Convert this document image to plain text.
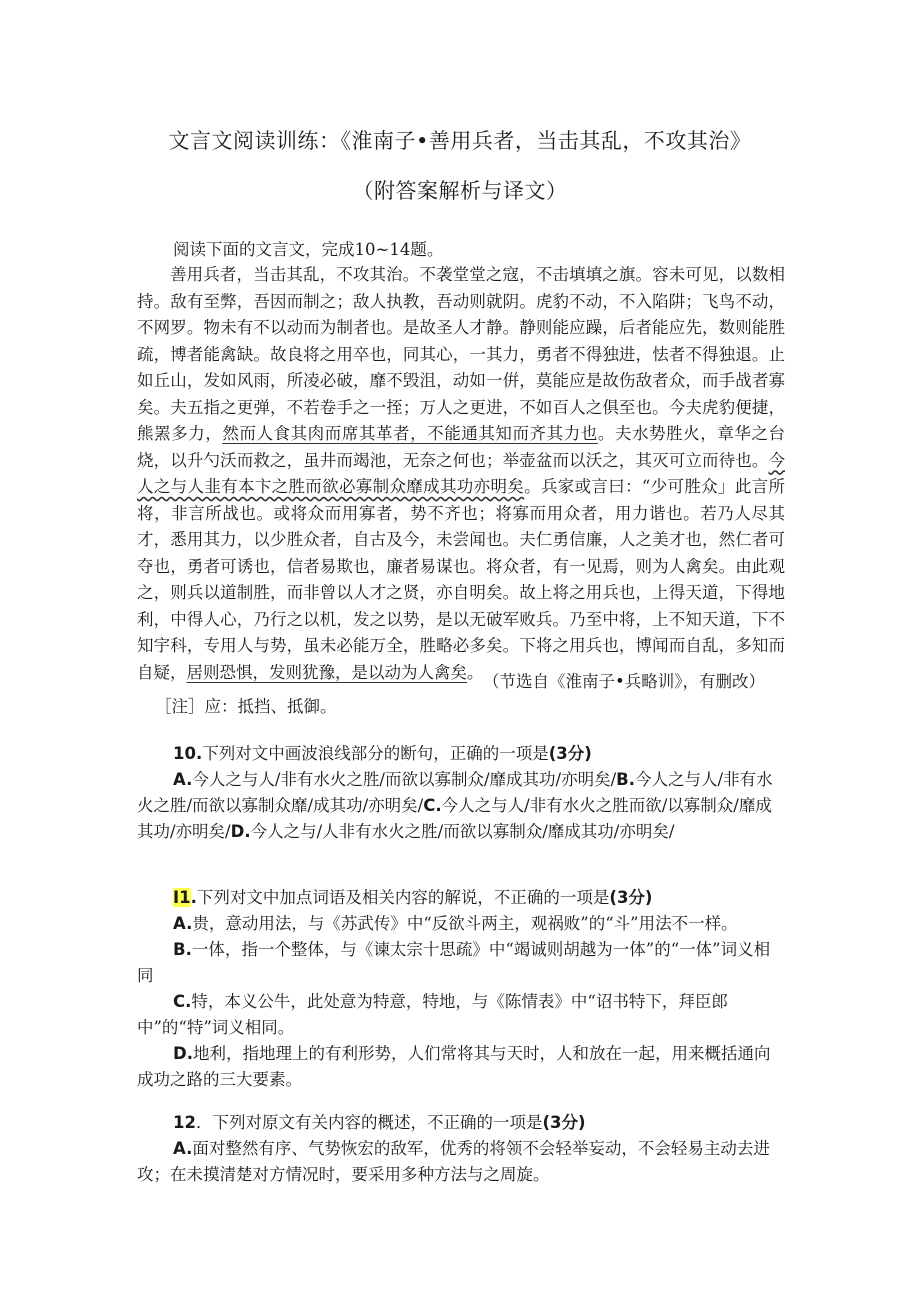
文言文阅读训练：《淮南子•善用兵者，当击其乱，不攻其治》
（附答案解析与译文）
阅读下面的文言文，完成10~14题。
善用兵者，当击其乱，不攻其治。不袭堂堂之寇，不击填填之旗。容未可见，以数相持。敌有至弊，吾因而制之；敌人执教，吾动则就阴。虎豹不动，不入陷阱；飞鸟不动，不网罗。物未有不以动而为制者也。是故圣人才静。静则能应躁，后者能应先，数则能胜疏，博者能禽缺。故良将之用卒也，同其心，一其力，勇者不得独进，怯者不得独退。止如丘山，发如风雨，所凌必破，靡不毁沮，动如一倂，莫能应是故伤敌者众，而手战者寡矣。夫五指之更弹，不若卷手之一挃；万人之更进，不如百人之俱至也。今夫虎豹便捷，熊罴多力，然而人食其肉而席其革者，不能通其知而齐其力也。夫水势胜火，章华之台烧，以升勺沃而救之，虽井而竭池，无奈之何也；举壶盆而以沃之，其灭可立而待也。今人之与人韭有本卞之胜而欲必寡制众靡成其功亦明矣。兵家或言曰：“少可胜众」此言所将，非言所战也。或将众而用寡者，势不齐也；将寡而用众者，用力谐也。若乃人尽其才，悉用其力，以少胜众者，自古及今，未尝闻也。夫仁勇信廉，人之美才也，然仁者可夺也，勇者可诱也，信者易欺也，廉者易谋也。将众者，有一见焉，则为人禽矣。由此观之，则兵以道制胜，而非曾以人才之贤，亦自明矣。故上将之用兵也，上得天道，下得地利，中得人心，乃行之以机，发之以势，是以无破军败兵。乃至中将，上不知天道，下不知宇科，专用人与势，虽未必能万全，胜略必多矣。下将之用兵也，博闻而自乱，多知而自疑，居则恐惧，发则犹豫，是以动为人禽矣。 （节选自《淮南子•兵略训》，有删改）
［注］应：抵挡、抵御。
10.下列对文中画波浪线部分的断句，正确的一项是(3分)
A.今人之与人/非有水火之胜/而欲以寡制众/靡成其功/亦明矣/B.今人之与人/非有水火之胜/而欲以寡制众靡/成其功/亦明矣/C.今人之与人/非有水火之胜而欲/以寡制众/靡成其功/亦明矣/D.今人之与/人非有水火之胜/而欲以寡制众/靡成其功/亦明矣/
I1.下列对文中加点词语及相关内容的解说，不正确的一项是(3分)
A.贵，意动用法，与《苏武传》中“反欲斗两主，观祸败”的“斗”用法不一样。
B.一体，指一个整体，与《谏太宗十思疏》中“竭诚则胡越为一体”的“一体”词义相同
C.特，本义公牛，此处意为特意，特地，与《陈情表》中“诏书特下，拜臣郎中”的“特”词义相同。
D.地利，指地理上的有利形势，人们常将其与天时，人和放在一起，用来概括通向成功之路的三大要素。
12．下列对原文有关内容的概述，不正确的一项是(3分)
A.面对整然有序、气势恢宏的敌军，优秀的将领不会轻举妄动，不会轻易主动去进攻；在未摸清楚对方情况时，要采用多种方法与之周旋。
